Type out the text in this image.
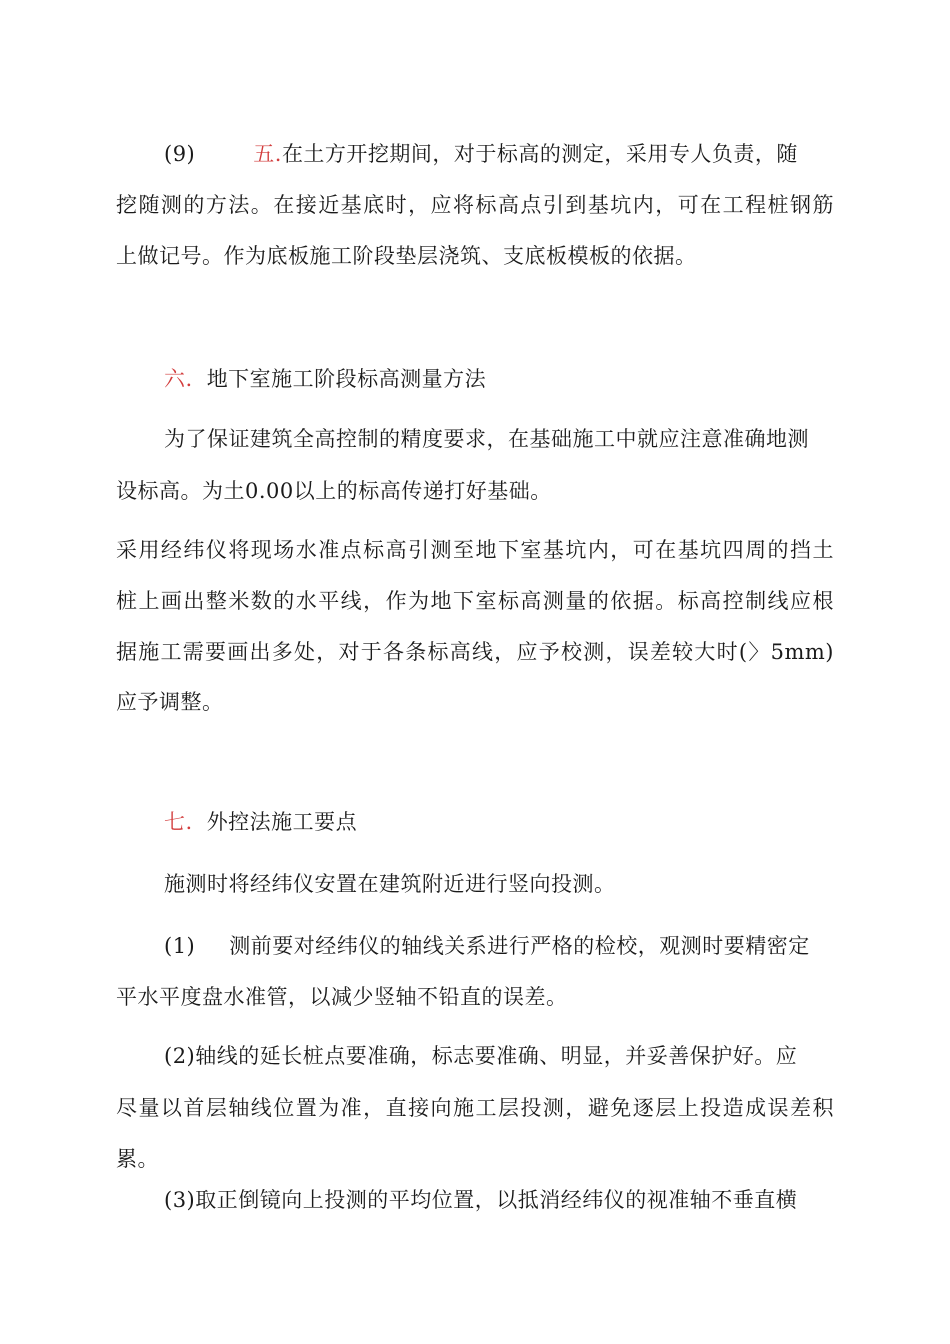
(9)	五.在土方开挖期间，对于标高的测定，采用专人负责，随
挖随测的方法。在接近基底时，应将标高点引到基坑内，可在工程桩钢筋
上做记号。作为底板施工阶段垫层浇筑、支底板模板的依据。
六. 地下室施工阶段标高测量方法
为了保证建筑全高控制的精度要求，在基础施工中就应注意准确地测
设标高。为土0.00以上的标高传递打好基础。
采用经纬仪将现场水准点标高引测至地下室基坑内，可在基坑四周的挡土
桩上画出整米数的水平线，作为地下室标高测量的依据。标高控制线应根
据施工需要画出多处，对于各条标高线，应予校测，误差较大时(〉5mm)
应予调整。
七. 外控法施工要点
施测时将经纬仪安置在建筑附近进行竖向投测。
(1) 测前要对经纬仪的轴线关系进行严格的检校，观测时要精密定
平水平度盘水准管，以减少竖轴不铅直的误差。
(2)轴线的延长桩点要准确，标志要准确、明显，并妥善保护好。应
尽量以首层轴线位置为准，直接向施工层投测，避免逐层上投造成误差积
累。
(3)取正倒镜向上投测的平均位置，以抵消经纬仪的视准轴不垂直横
